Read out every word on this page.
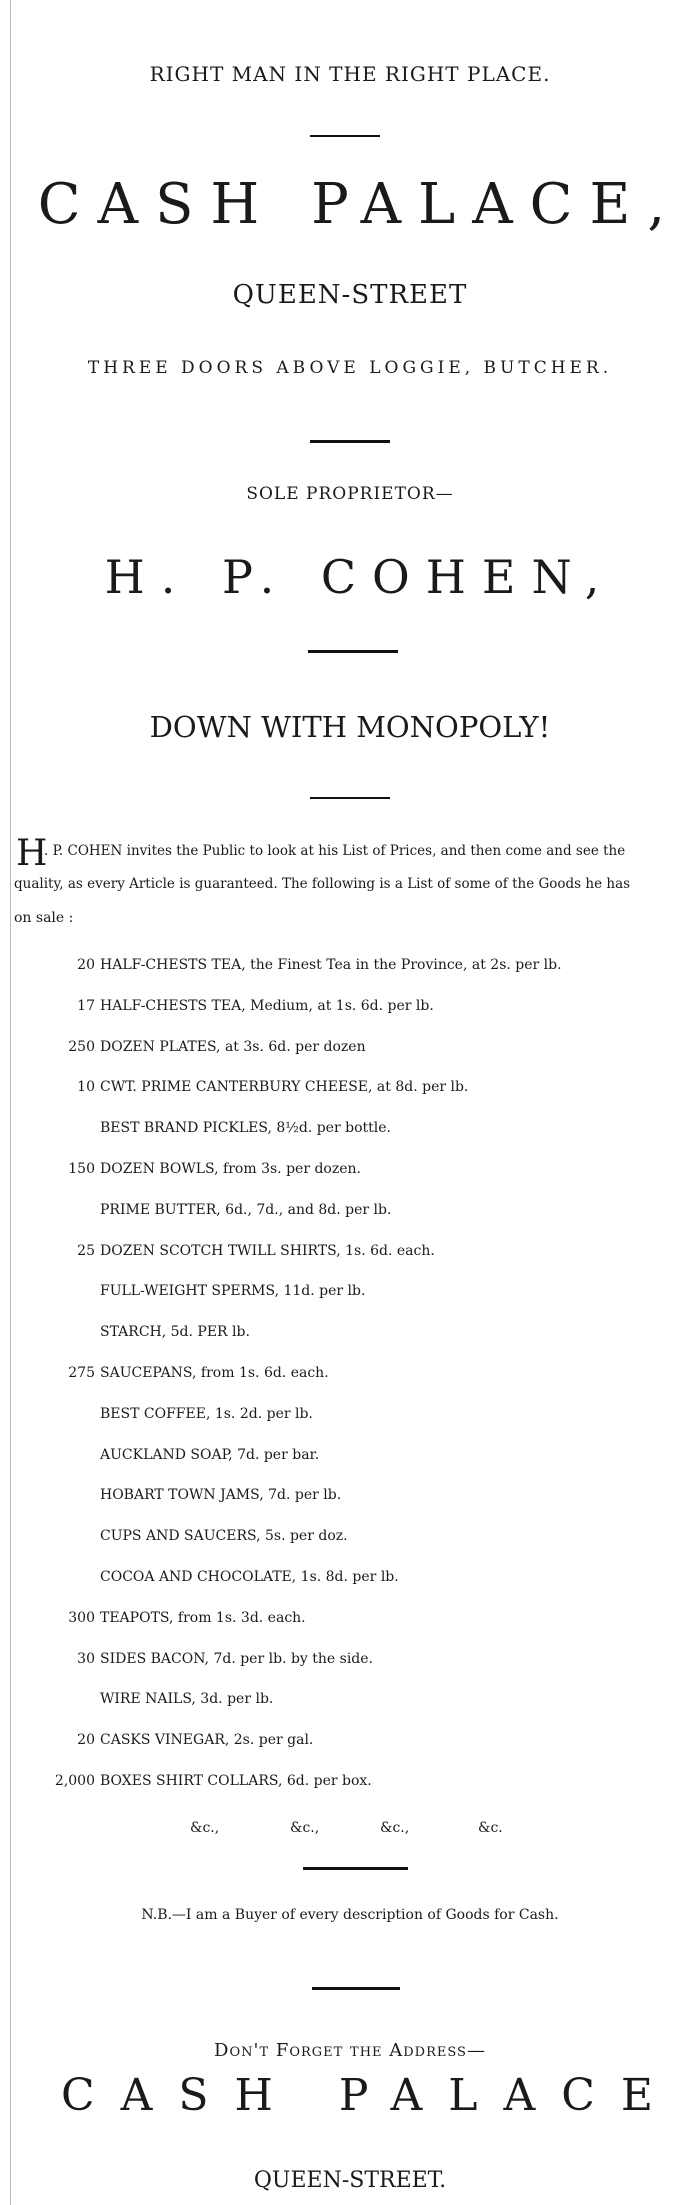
RIGHT MAN IN THE RIGHT PLACE.
CASH PALACE,
QUEEN-STREET
THREE DOORS ABOVE LOGGIE, BUTCHER.
SOLE PROPRIETOR—
H. P. COHEN,
DOWN WITH MONOPOLY!
H
. P. COHEN invites the Public to look at his List of Prices, and then come and see the
quality, as every Article is guaranteed. The following is a List of some of the Goods he has
on sale :
20 HALF-CHESTS TEA, the Finest Tea in the Province, at 2s. per lb.
17 HALF-CHESTS TEA, Medium, at 1s. 6d. per lb.
250 DOZEN PLATES, at 3s. 6d. per dozen
10 CWT. PRIME CANTERBURY CHEESE, at 8d. per lb.
BEST BRAND PICKLES, 8½d. per bottle.
150 DOZEN BOWLS, from 3s. per dozen.
PRIME BUTTER, 6d., 7d., and 8d. per lb.
25 DOZEN SCOTCH TWILL SHIRTS, 1s. 6d. each.
FULL-WEIGHT SPERMS, 11d. per lb.
STARCH, 5d. PER lb.
275 SAUCEPANS, from 1s. 6d. each.
BEST COFFEE, 1s. 2d. per lb.
AUCKLAND SOAP, 7d. per bar.
HOBART TOWN JAMS, 7d. per lb.
CUPS AND SAUCERS, 5s. per doz.
COCOA AND CHOCOLATE, 1s. 8d. per lb.
300 TEAPOTS, from 1s. 3d. each.
30 SIDES BACON, 7d. per lb. by the side.
WIRE NAILS, 3d. per lb.
20 CASKS VINEGAR, 2s. per gal.
2,000 BOXES SHIRT COLLARS, 6d. per box.
&c.,	&c.,	&c.,	&c.
N.B.—I am a Buyer of every description of Goods for Cash.
Don't Forget the Address—
CASH PALACE
QUEEN-STREET.
